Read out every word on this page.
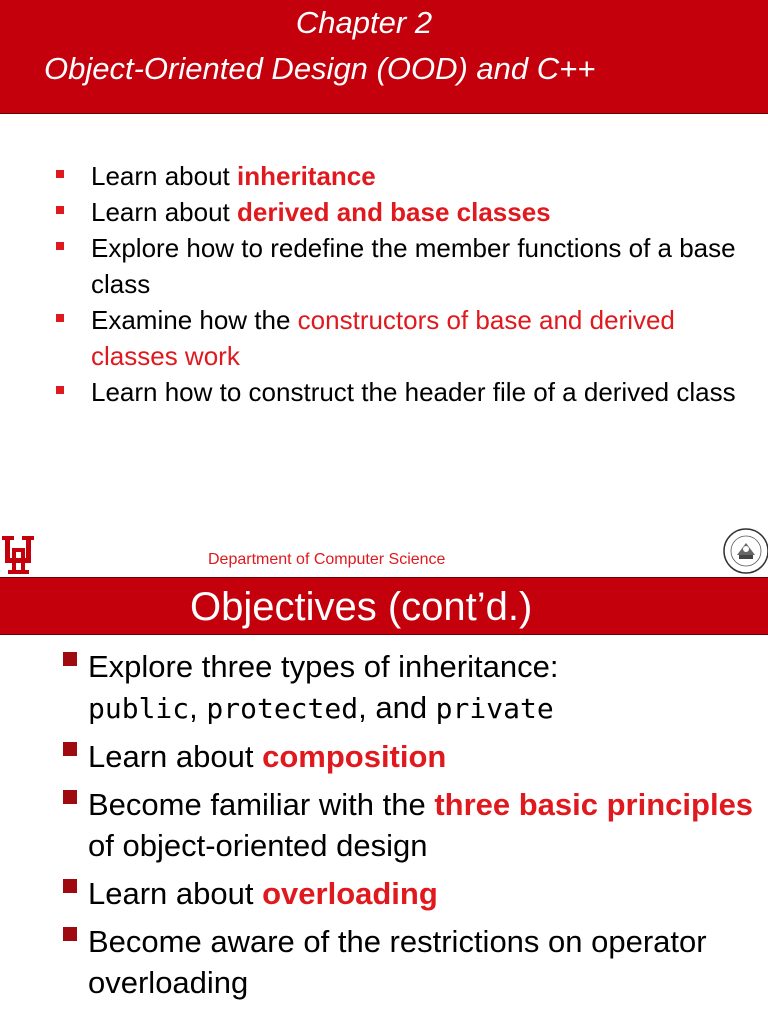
Chapter 2
Object-Oriented Design (OOD) and C++
Learn about inheritance
Learn about derived and base classes
Explore how to redefine the member functions of a base class
Examine how the constructors of base and derived classes work
Learn how to construct the header file of a derived class
Department of Computer Science
Objectives (cont’d.)
Explore three types of inheritance:
public, protected, and private
Learn about composition
Become familiar with the three basic principles of object-oriented design
Learn about overloading
Become aware of the restrictions on operator overloading
